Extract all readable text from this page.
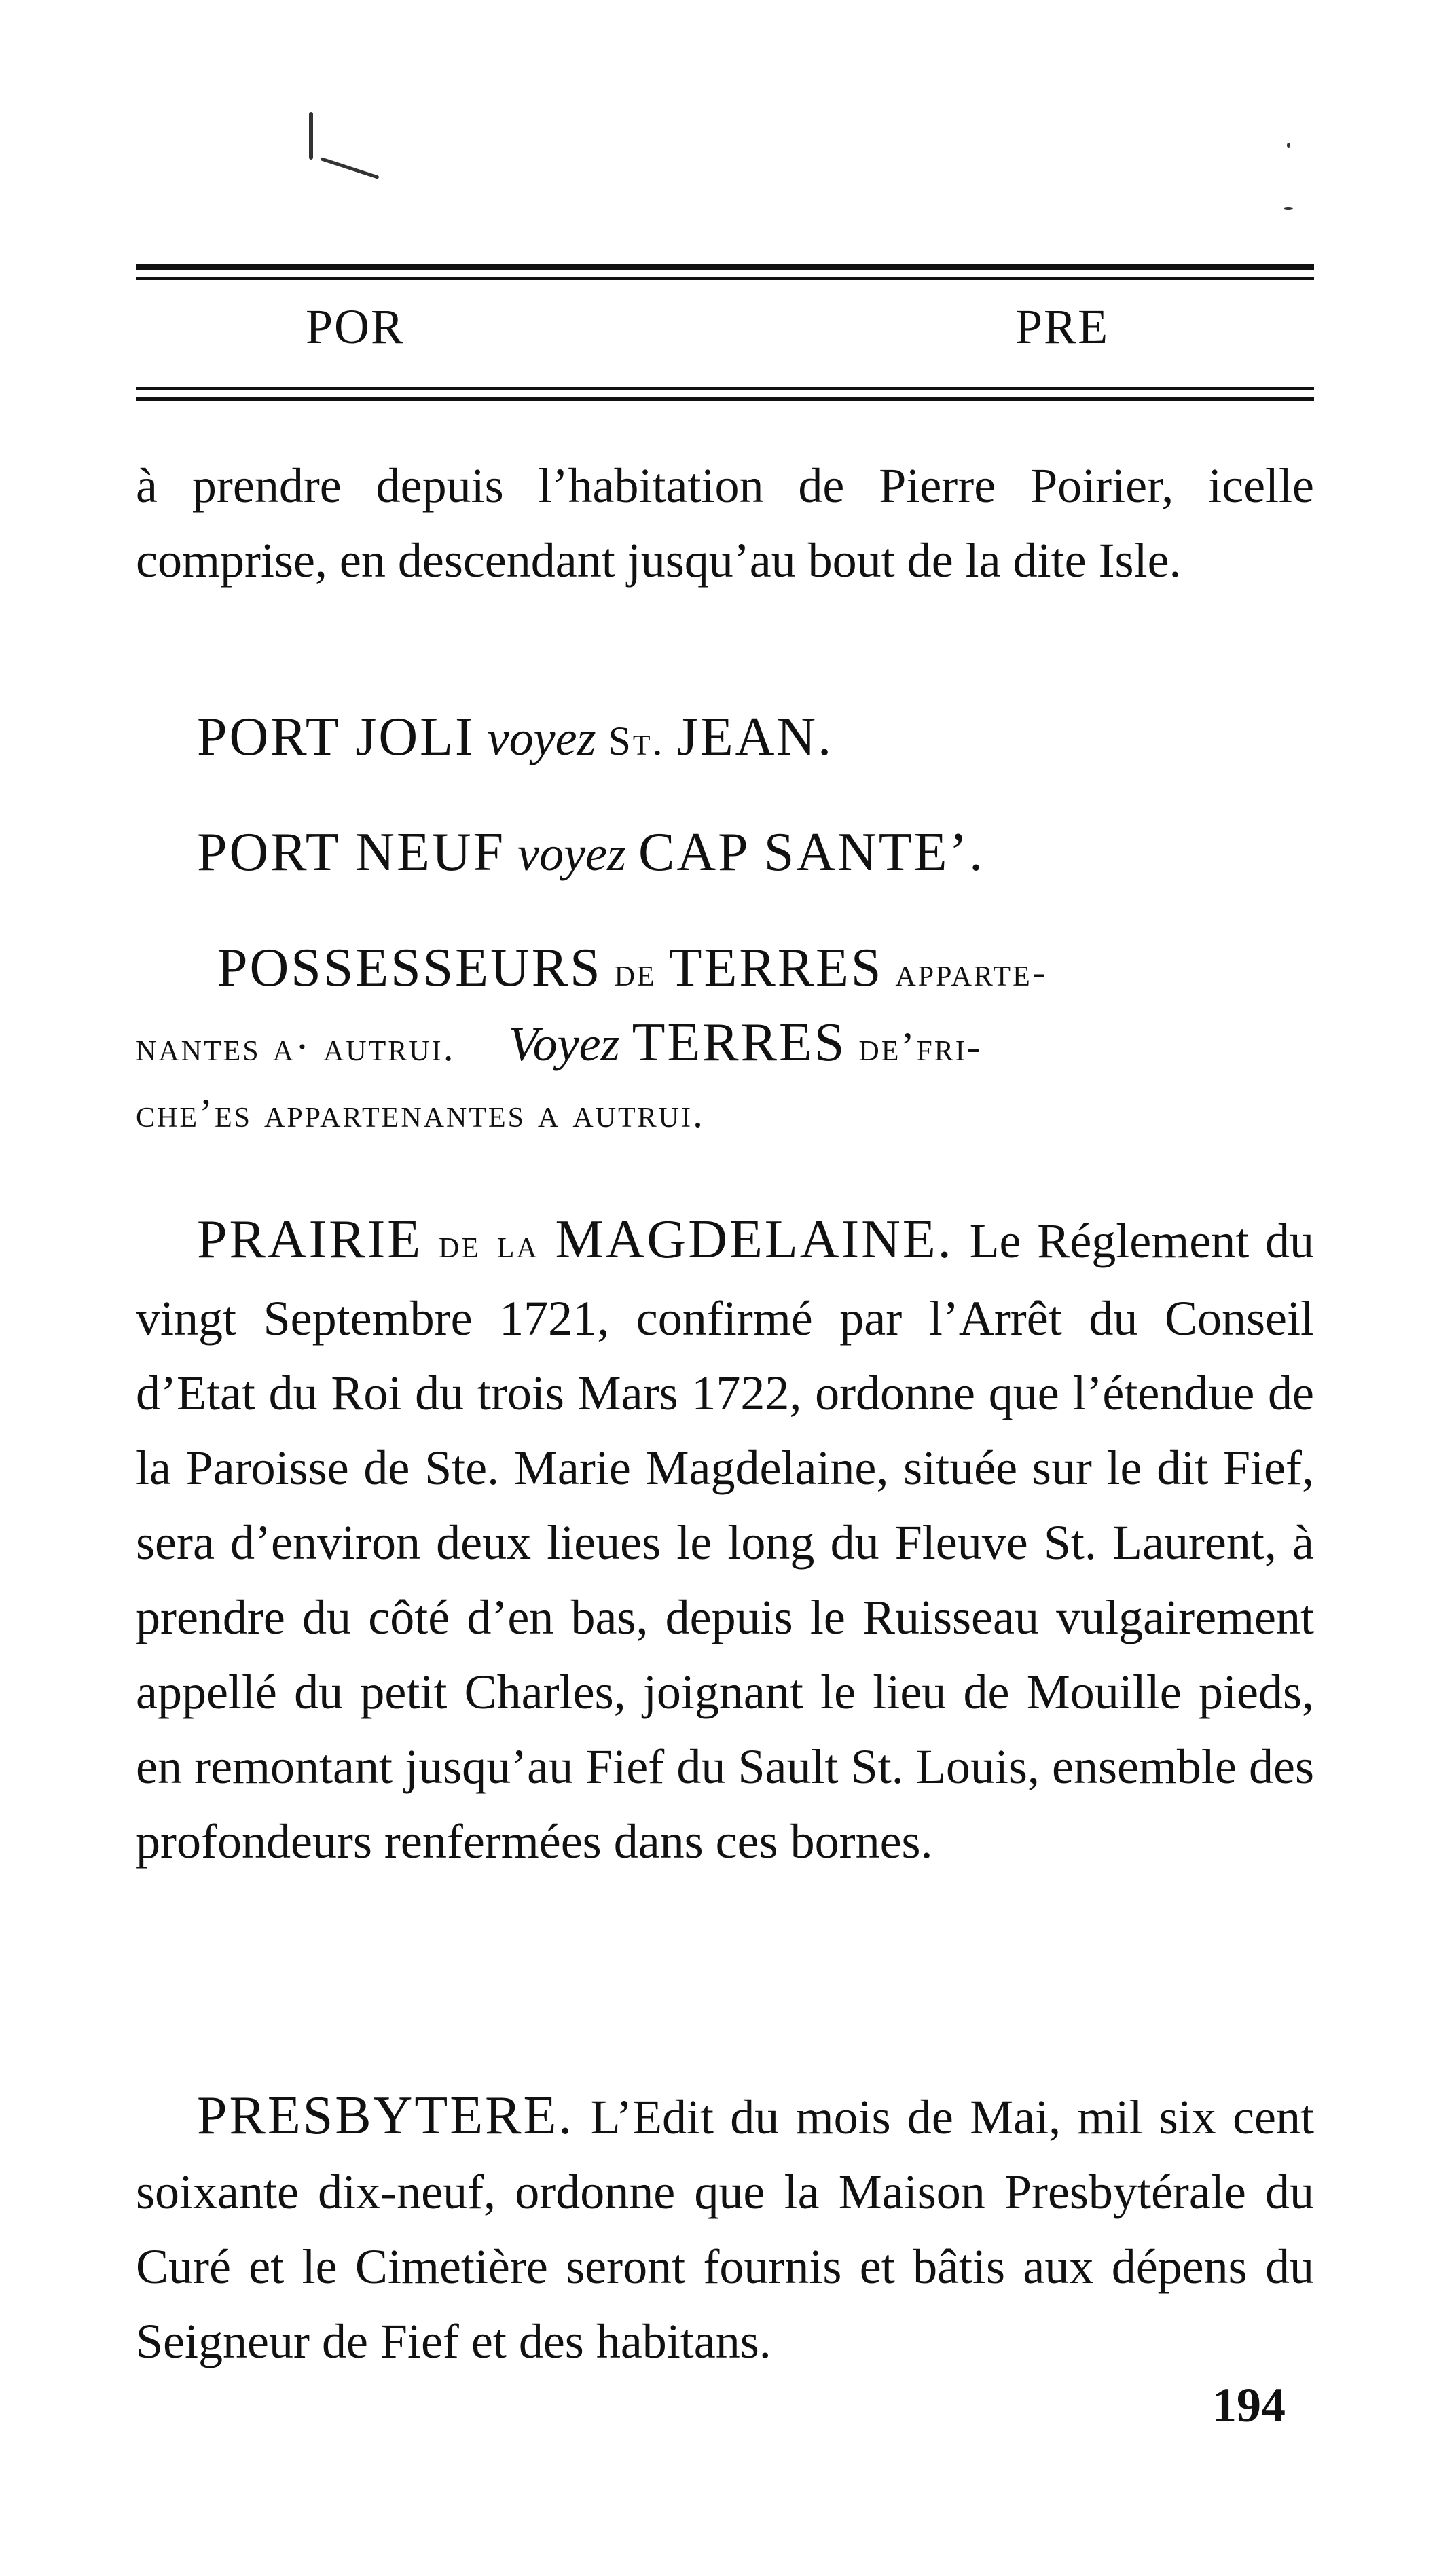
POR	PRE

à prendre depuis l’habitation de Pierre Poirier, icelle comprise, en descendant jusqu’au bout de la dite Isle.

PORT JOLI voyez St. JEAN.

PORT NEUF voyez CAP SANTE’.

POSSESSEURS de TERRES apparte-

nantes a· autrui. Voyez TERRES de’fri-

che’es appartenantes a autrui.

PRAIRIE de la MAGDELAINE. Le Réglement du vingt Septembre 1721, confirmé par l’Arrêt du Conseil d’Etat du Roi du trois Mars 1722, ordonne que l’étendue de la Paroisse de Ste. Marie Magdelaine, située sur le dit Fief, sera d’environ deux lieues le long du Fleuve St. Laurent, à prendre du côté d’en bas, depuis le Ruisseau vulgairement appellé du petit Charles, joignant le lieu de Mouille pieds, en remontant jusqu’au Fief du Sault St. Louis, ensemble des profondeurs renfermées dans ces bornes.

PRESBYTERE. L’Edit du mois de Mai, mil six cent soixante dix-neuf, ordonne que la Maison Presbytérale du Curé et le Cimetière seront fournis et bâtis aux dépens du Seigneur de Fief et des habitans.

194
